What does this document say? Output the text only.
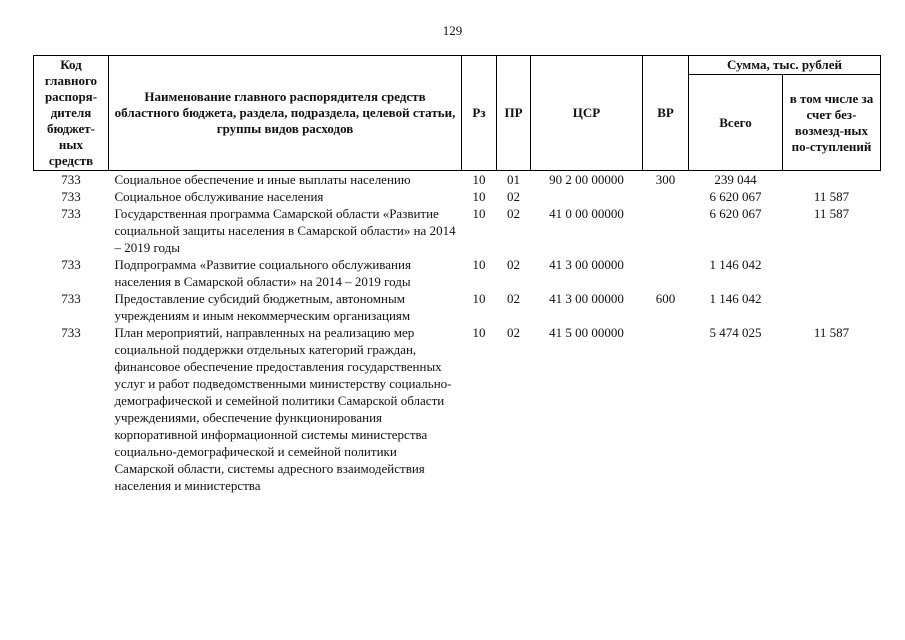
129
Код главного распоря-дителя бюджет-ных средств	Наименование главного распорядителя средств областного бюджета, раздела, подраздела, целевой статьи, группы видов расходов	Рз	ПР	ЦСР	ВР	Сумма, тыс. рублей	
						Всего	в том числе за счет без-возмезд-ных по-ступлений
733	Социальное обеспечение и иные выплаты населению	10	01	90 2 00 00000	300	239 044	
733	Социальное обслуживание населения	10	02			6 620 067	11 587
733	Государственная программа Самарской области «Развитие социальной защиты населения в Самарской области» на 2014 – 2019 годы	10	02	41 0 00 00000		6 620 067	11 587
733	Подпрограмма «Развитие социального обслуживания населения в Самарской области» на 2014 – 2019 годы	10	02	41 3 00 00000		1 146 042	
733	Предоставление субсидий бюджетным, автономным учреждениям и иным некоммерческим организациям	10	02	41 3 00 00000	600	1 146 042	
733	План мероприятий, направленных на реализацию мер социальной поддержки отдельных категорий граждан, финансовое обеспечение предоставления государственных услуг и работ подведомственными министерству социально-демографической и семейной политики Самарской области учреждениями, обеспечение функционирования корпоративной информационной системы министерства социально-демографической и семейной политики Самарской области, системы адресного взаимодействия населения и министерства	10	02	41 5 00 00000		5 474 025	11 587
